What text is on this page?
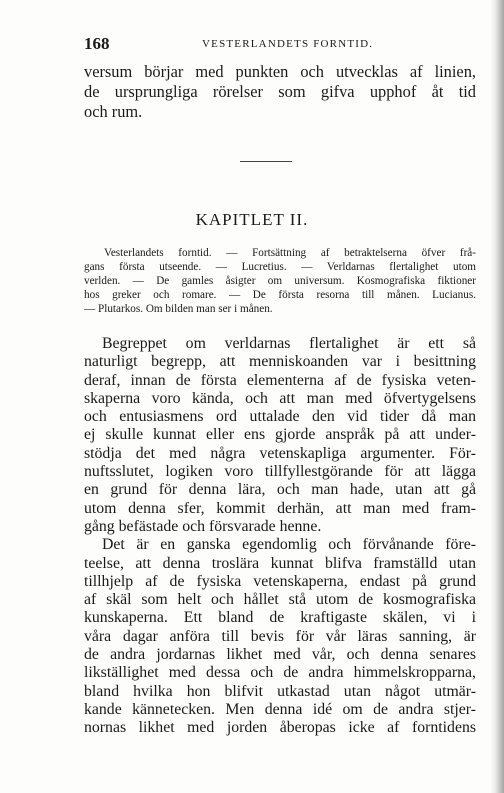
168	VESTERLANDETS FORNTID.
versum börjar med punkten och utvecklas af linien,
de ursprungliga rörelser som gifva upphof åt tid
och rum.
KAPITLET II.
Vesterlandets forntid. — Fortsättning af betraktelserna öfver frå-
gans första utseende. — Lucretius. — Verldarnas flertalighet utom
verlden. — De gamles åsigter om universum. Kosmografiska fiktioner
hos greker och romare. — De första resorna till månen. Lucianus.
— Plutarkos. Om bilden man ser i månen.
Begreppet om verldarnas flertalighet är ett så
naturligt begrepp, att menniskoanden var i besittning
deraf, innan de första elementerna af de fysiska veten-
skaperna voro kända, och att man med öfvertygelsens
och entusiasmens ord uttalade den vid tider då man
ej skulle kunnat eller ens gjorde anspråk på att under-
stödja det med några vetenskapliga argumenter. För-
nuftsslutet, logiken voro tillfyllestgörande för att lägga
en grund för denna lära, och man hade, utan att gå
utom denna sfer, kommit derhän, att man med fram-
gång befästade och försvarade henne.
Det är en ganska egendomlig och förvånande förе-
teelse, att denna troslära kunnat blifva framställd utan
tillhjelp af de fysiska vetenskaperna, endast på grund
af skäl som helt och hållet stå utom de kosmografiska
kunskaperna. Ett bland de kraftigaste skälen, vi i
våra dagar anföra till bevis för vår läras sanning, är
de andra jordarnas likhet med vår, och denna senares
likställighet med dessa och de andra himmelskropparna,
bland hvilka hon blifvit utkastad utan något utmär-
kande kännetecken. Men denna idé om de andra stjer-
nornas likhet med jorden åberopas icke af forntidens
